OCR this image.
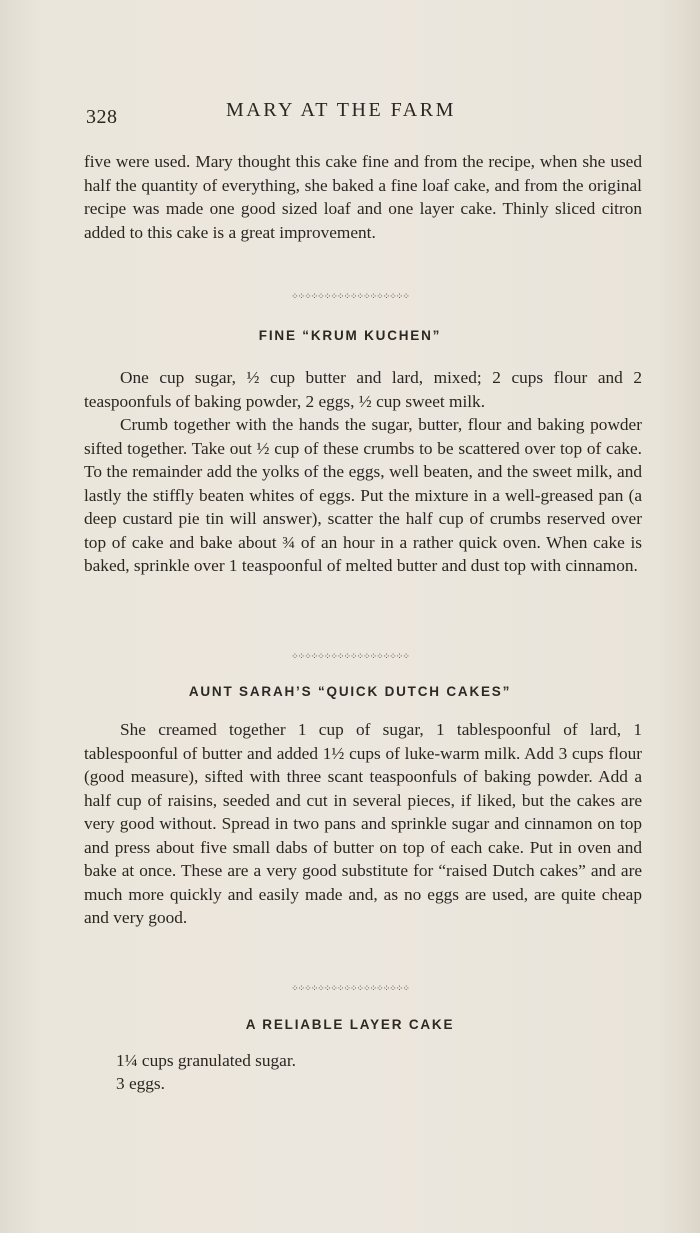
328	MARY AT THE FARM

five were used. Mary thought this cake fine and from the recipe, when she used half the quantity of everything, she baked a fine loaf cake, and from the original recipe was made one good sized loaf and one layer cake. Thinly sliced citron added to this cake is a great improvement.

⁘⁘⁘⁘⁘⁘⁘⁘⁘⁘⁘⁘⁘⁘⁘⁘⁘⁘
FINE “KRUM KUCHEN”

One cup sugar, ½ cup butter and lard, mixed; 2 cups flour and 2 teaspoonfuls of baking powder, 2 eggs, ½ cup sweet milk.

Crumb together with the hands the sugar, butter, flour and baking powder sifted together. Take out ½ cup of these crumbs to be scattered over top of cake. To the remainder add the yolks of the eggs, well beaten, and the sweet milk, and lastly the stiffly beaten whites of eggs. Put the mixture in a well-greased pan (a deep custard pie tin will answer), scatter the half cup of crumbs reserved over top of cake and bake about ¾ of an hour in a rather quick oven. When cake is baked, sprinkle over 1 teaspoonful of melted butter and dust top with cinnamon.

⁘⁘⁘⁘⁘⁘⁘⁘⁘⁘⁘⁘⁘⁘⁘⁘⁘⁘
AUNT SARAH’S “QUICK DUTCH CAKES”

She creamed together 1 cup of sugar, 1 tablespoonful of lard, 1 tablespoonful of butter and added 1½ cups of luke-warm milk. Add 3 cups flour (good measure), sifted with three scant teaspoonfuls of baking powder. Add a half cup of raisins, seeded and cut in several pieces, if liked, but the cakes are very good without. Spread in two pans and sprinkle sugar and cinnamon on top and press about five small dabs of butter on top of each cake. Put in oven and bake at once. These are a very good substitute for “raised Dutch cakes” and are much more quickly and easily made and, as no eggs are used, are quite cheap and very good.

⁘⁘⁘⁘⁘⁘⁘⁘⁘⁘⁘⁘⁘⁘⁘⁘⁘⁘
A RELIABLE LAYER CAKE
1¼ cups granulated sugar.
3 eggs.
